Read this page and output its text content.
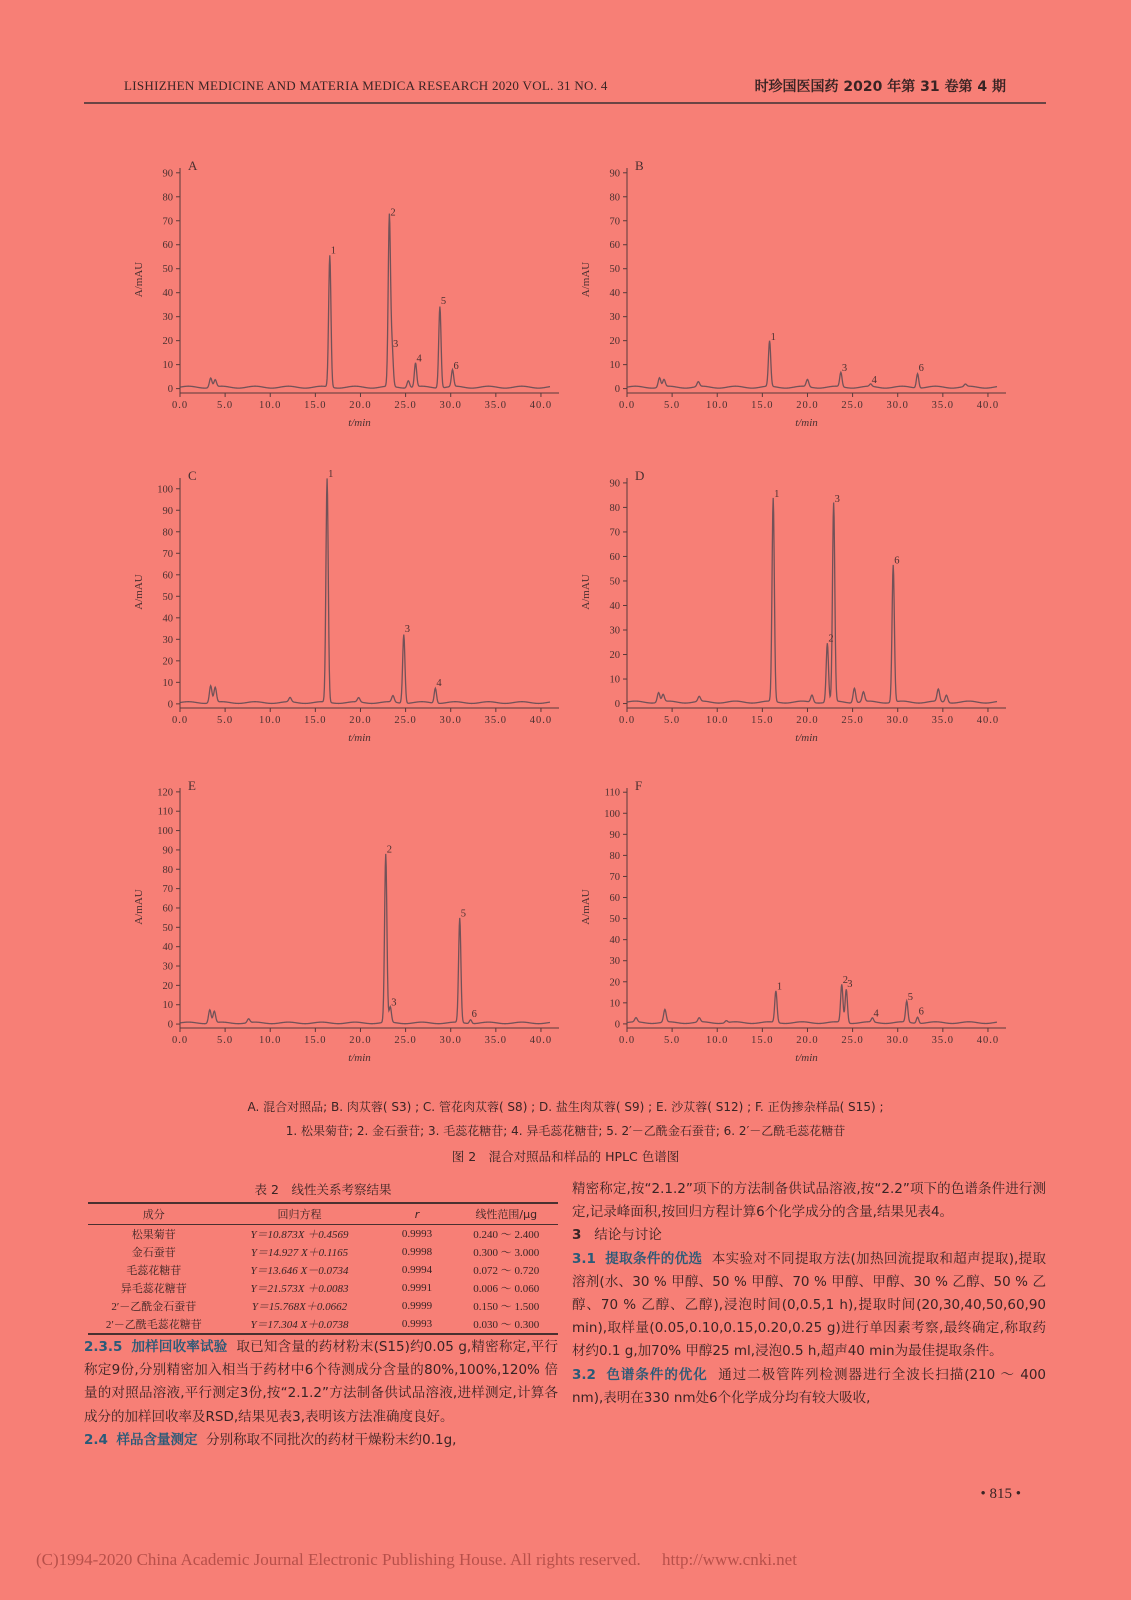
LISHIZHEN MEDICINE AND MATERIA MEDICA RESEARCH 2020 VOL. 31 NO. 4	时珍国医国药 2020 年第 31 卷第 4 期
0
10
20
30
40
50
60
70
80
90
0.0	5.0 10.0 15.0 20.0 25.0 30.0 35.0 40.0
t/min
A/mAU
A
1
2
3
4
5
6
0
10
20
30
40
50
60
70
80
90
0.0	5.0 10.0 15.0 20.0 25.0 30.0 35.0 40.0
t/min
A/mAU
B
1
3
4
6
0
10
20
30
40
50
60
70
80
90
100
0.0	5.0 10.0 15.0 20.0 25.0 30.0 35.0 40.0
t/min
A/mAU
C	1
3
4
0
10
20
30
40
50
60
70
80
90
0.0	5.0 10.0 15.0 20.0 25.0 30.0 35.0 40.0
t/min
A/mAU
D
1
2
3
6
0
10
20
30
40
50
60
70
80
90
100
110
120
0.0	5.0 10.0 15.0 20.0 25.0 30.0 35.0 40.0
t/min
A/mAU
E
2
3
5
6
0
10
20
30
40
50
60
70
80
90
100
110
0.0	5.0 10.0 15.0 20.0 25.0 30.0 35.0 40.0
t/min
A/mAU
F
1
2 3
4
5
6
A. 混合对照品; B. 肉苁蓉( S3) ; C. 管花肉苁蓉( S8) ; D. 盐生肉苁蓉( S9) ; E. 沙苁蓉( S12) ; F. 正伪掺杂样品( S15) ;
1. 松果菊苷; 2. 金石蚕苷; 3. 毛蕊花糖苷; 4. 异毛蕊花糖苷; 5. 2′－乙酰金石蚕苷; 6. 2′－乙酰毛蕊花糖苷
图 2　混合对照品和样品的 HPLC 色谱图
表 2　线性关系考察结果
成分	回归方程	r	线性范围/μg
松果菊苷	Y＝10.873X ＋0.4569	0.9993	0.240 ～ 2.400
金石蚕苷	Y＝14.927 X＋0.1165	0.9998	0.300 ～ 3.000
毛蕊花糖苷	Y＝13.646 X－0.0734	0.9994	0.072 ～ 0.720
异毛蕊花糖苷	Y＝21.573X ＋0.0083	0.9991	0.006 ～ 0.060
2′－乙酰金石蚕苷	Y＝15.768X＋0.0662	0.9999	0.150 ～ 1.500
2′－乙酰毛蕊花糖苷	Y＝17.304 X＋0.0738	0.9993	0.030 ～ 0.300
2.3.5 加样回收率试验 取已知含量的药材粉末(S15)约0.05 g,精密称定,平行称定9份,分别精密加入相当于药材中6个待测成分含量的80%,100%,120% 倍量的对照品溶液,平行测定3份,按“2.1.2”方法制备供试品溶液,进样测定,计算各成分的加样回收率及RSD,结果见表3,表明该方法准确度良好。
2.4 样品含量测定 分别称取不同批次的药材干燥粉末约0.1g,
精密称定,按“2.1.2”项下的方法制备供试品溶液,按“2.2”项下的色谱条件进行测定,记录峰面积,按回归方程计算6个化学成分的含量,结果见表4。
3 结论与讨论
3.1 提取条件的优选 本实验对不同提取方法(加热回流提取和超声提取),提取溶剂(水、30 % 甲醇、50 % 甲醇、70 % 甲醇、甲醇、30 % 乙醇、50 % 乙醇、70 % 乙醇、乙醇),浸泡时间(0,0.5,1 h),提取时间(20,30,40,50,60,90 min),取样量(0.05,0.10,0.15,0.20,0.25 g)进行单因素考察,最终确定,称取药材约0.1 g,加70% 甲醇25 ml,浸泡0.5 h,超声40 min为最佳提取条件。
3.2 色谱条件的优化 通过二极管阵列检测器进行全波长扫描(210 ～ 400 nm),表明在330 nm处6个化学成分均有较大吸收,
• 815 •
(C)1994-2020 China Academic Journal Electronic Publishing House. All rights reserved.　 http://www.cnki.net
